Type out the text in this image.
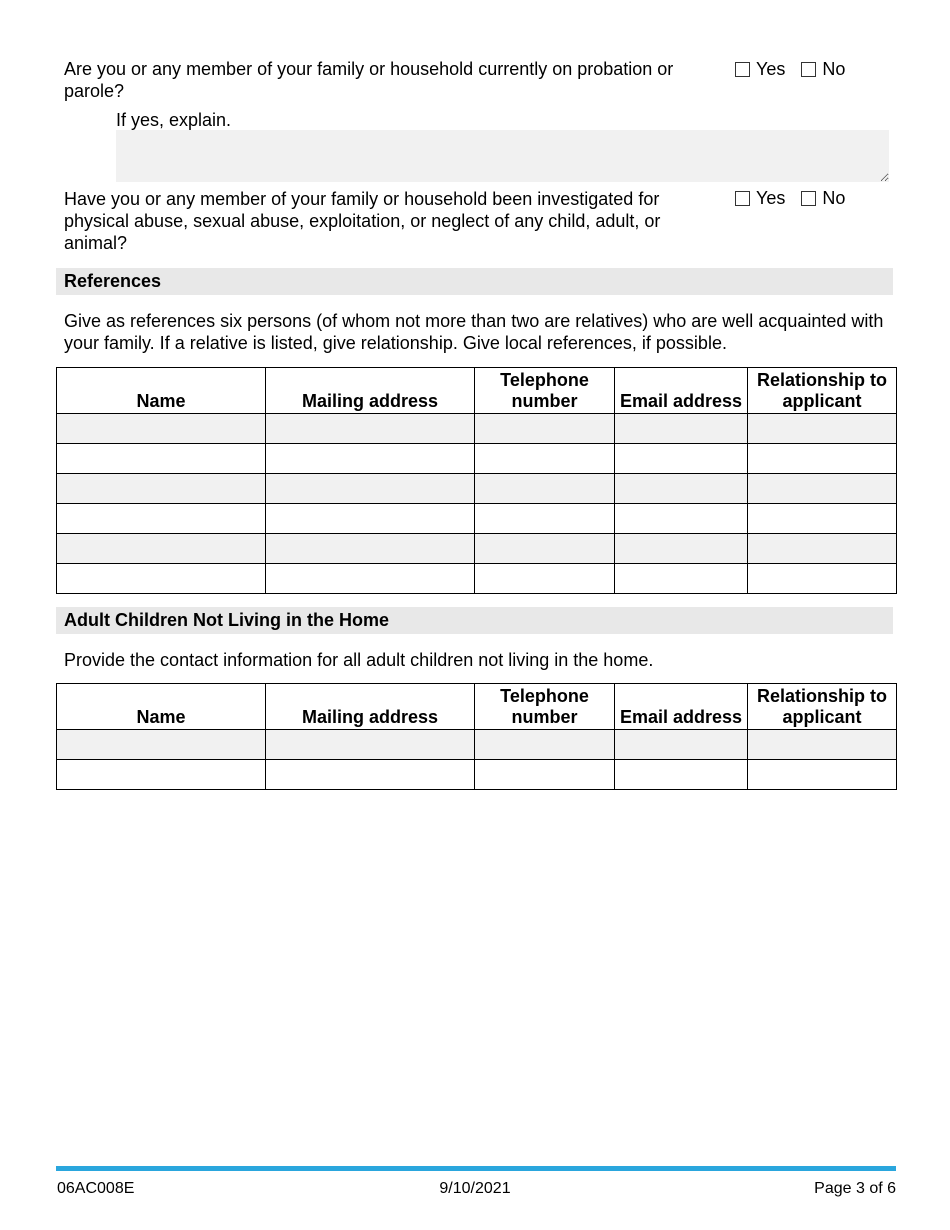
Are you or any member of your family or household currently on probation or parole?
Yes No
If yes, explain.
Have you or any member of your family or household been investigated for physical abuse, sexual abuse, exploitation, or neglect of any child, adult, or animal?
Yes No
References
Give as references six persons (of whom not more than two are relatives) who are well acquainted with your family. If a relative is listed, give relationship. Give local references, if possible.
Name	Mailing address	Telephone number	Email address	Relationship to applicant

Adult Children Not Living in the Home
Provide the contact information for all adult children not living in the home.
Name	Mailing address	Telephone number	Email address	Relationship to applicant

06AC008E	9/10/2021	Page 3 of 6
